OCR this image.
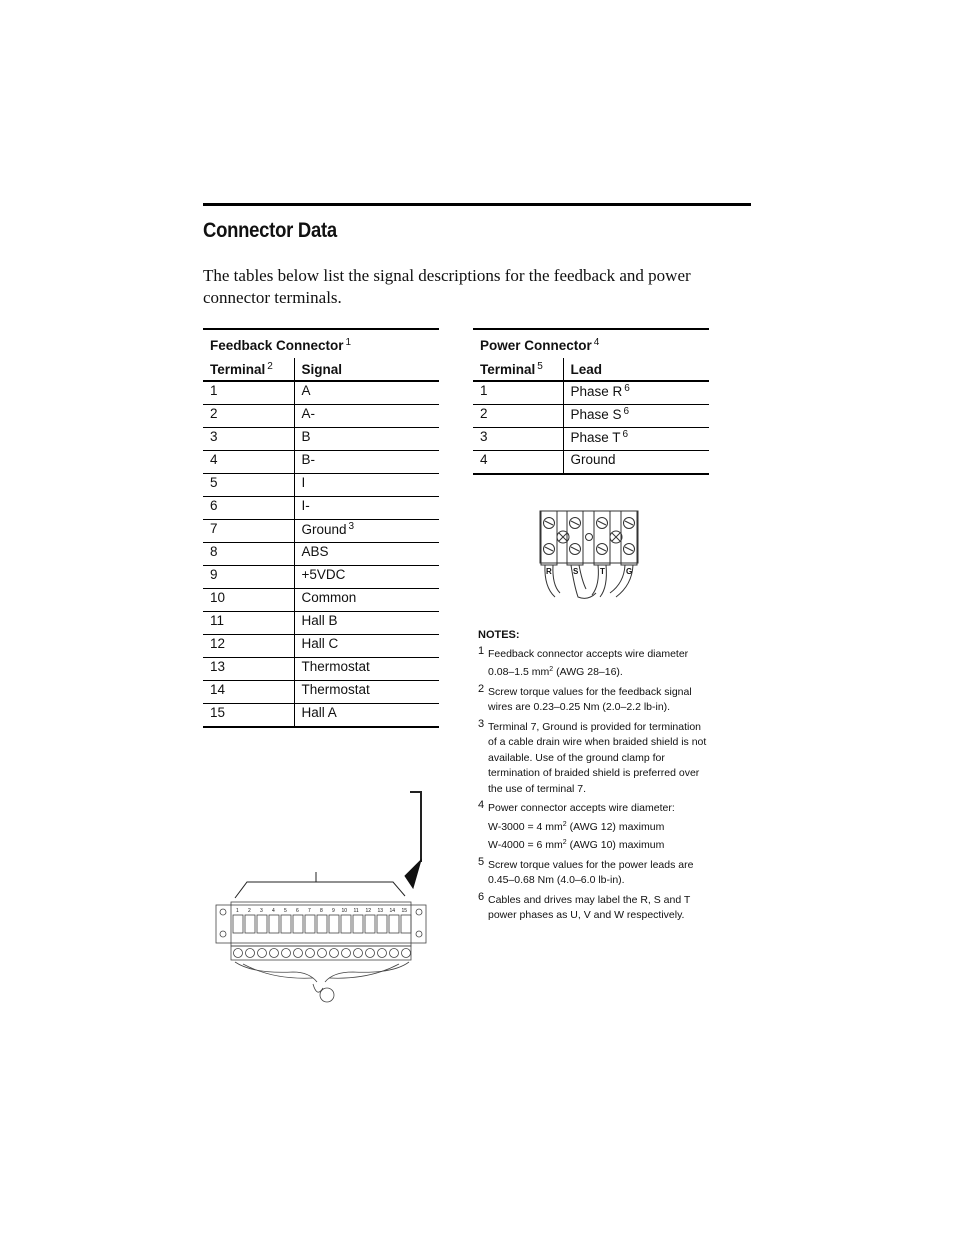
Connector Data
The tables below list the signal descriptions for the feedback and power connector terminals.
Feedback Connector $^1$
Terminal $^2$	Signal
1	A
2	A-
3	B
4	B-
5	I
6	I-
7	Ground $^3$
8	ABS
9	+5VDC
10	Common
11	Hall B
12	Hall C
13	Thermostat
14	Thermostat
15	Hall A
Power Connector $^4$
Terminal $^5$	Lead
1	Phase R $^6$
2	Phase S $^6$
3	Phase T $^6$
4	Ground
R	S	T	G
1 2 3 4 5 6 7 8 9 10 11 12 13 14 15
NOTES:
1 Feedback connector accepts wire diameter
0.08–1.5 $mm^2$ (AWG 28–16).
2 Screw torque values for the feedback signal
wires are 0.23–0.25 Nm (2.0–2.2 lb-in).
3 Terminal 7, Ground is provided for termination
of a cable drain wire when braided shield is not
available. Use of the ground clamp for
termination of braided shield is preferred over
the use of terminal 7.
4 Power connector accepts wire diameter:
W-3000 = 4 $mm^2$ (AWG 12) maximum
W-4000 = 6 $mm^2$ (AWG 10) maximum
5 Screw torque values for the power leads are
0.45–0.68 Nm (4.0–6.0 lb-in).
6 Cables and drives may label the R, S and T
power phases as U, V and W respectively.
